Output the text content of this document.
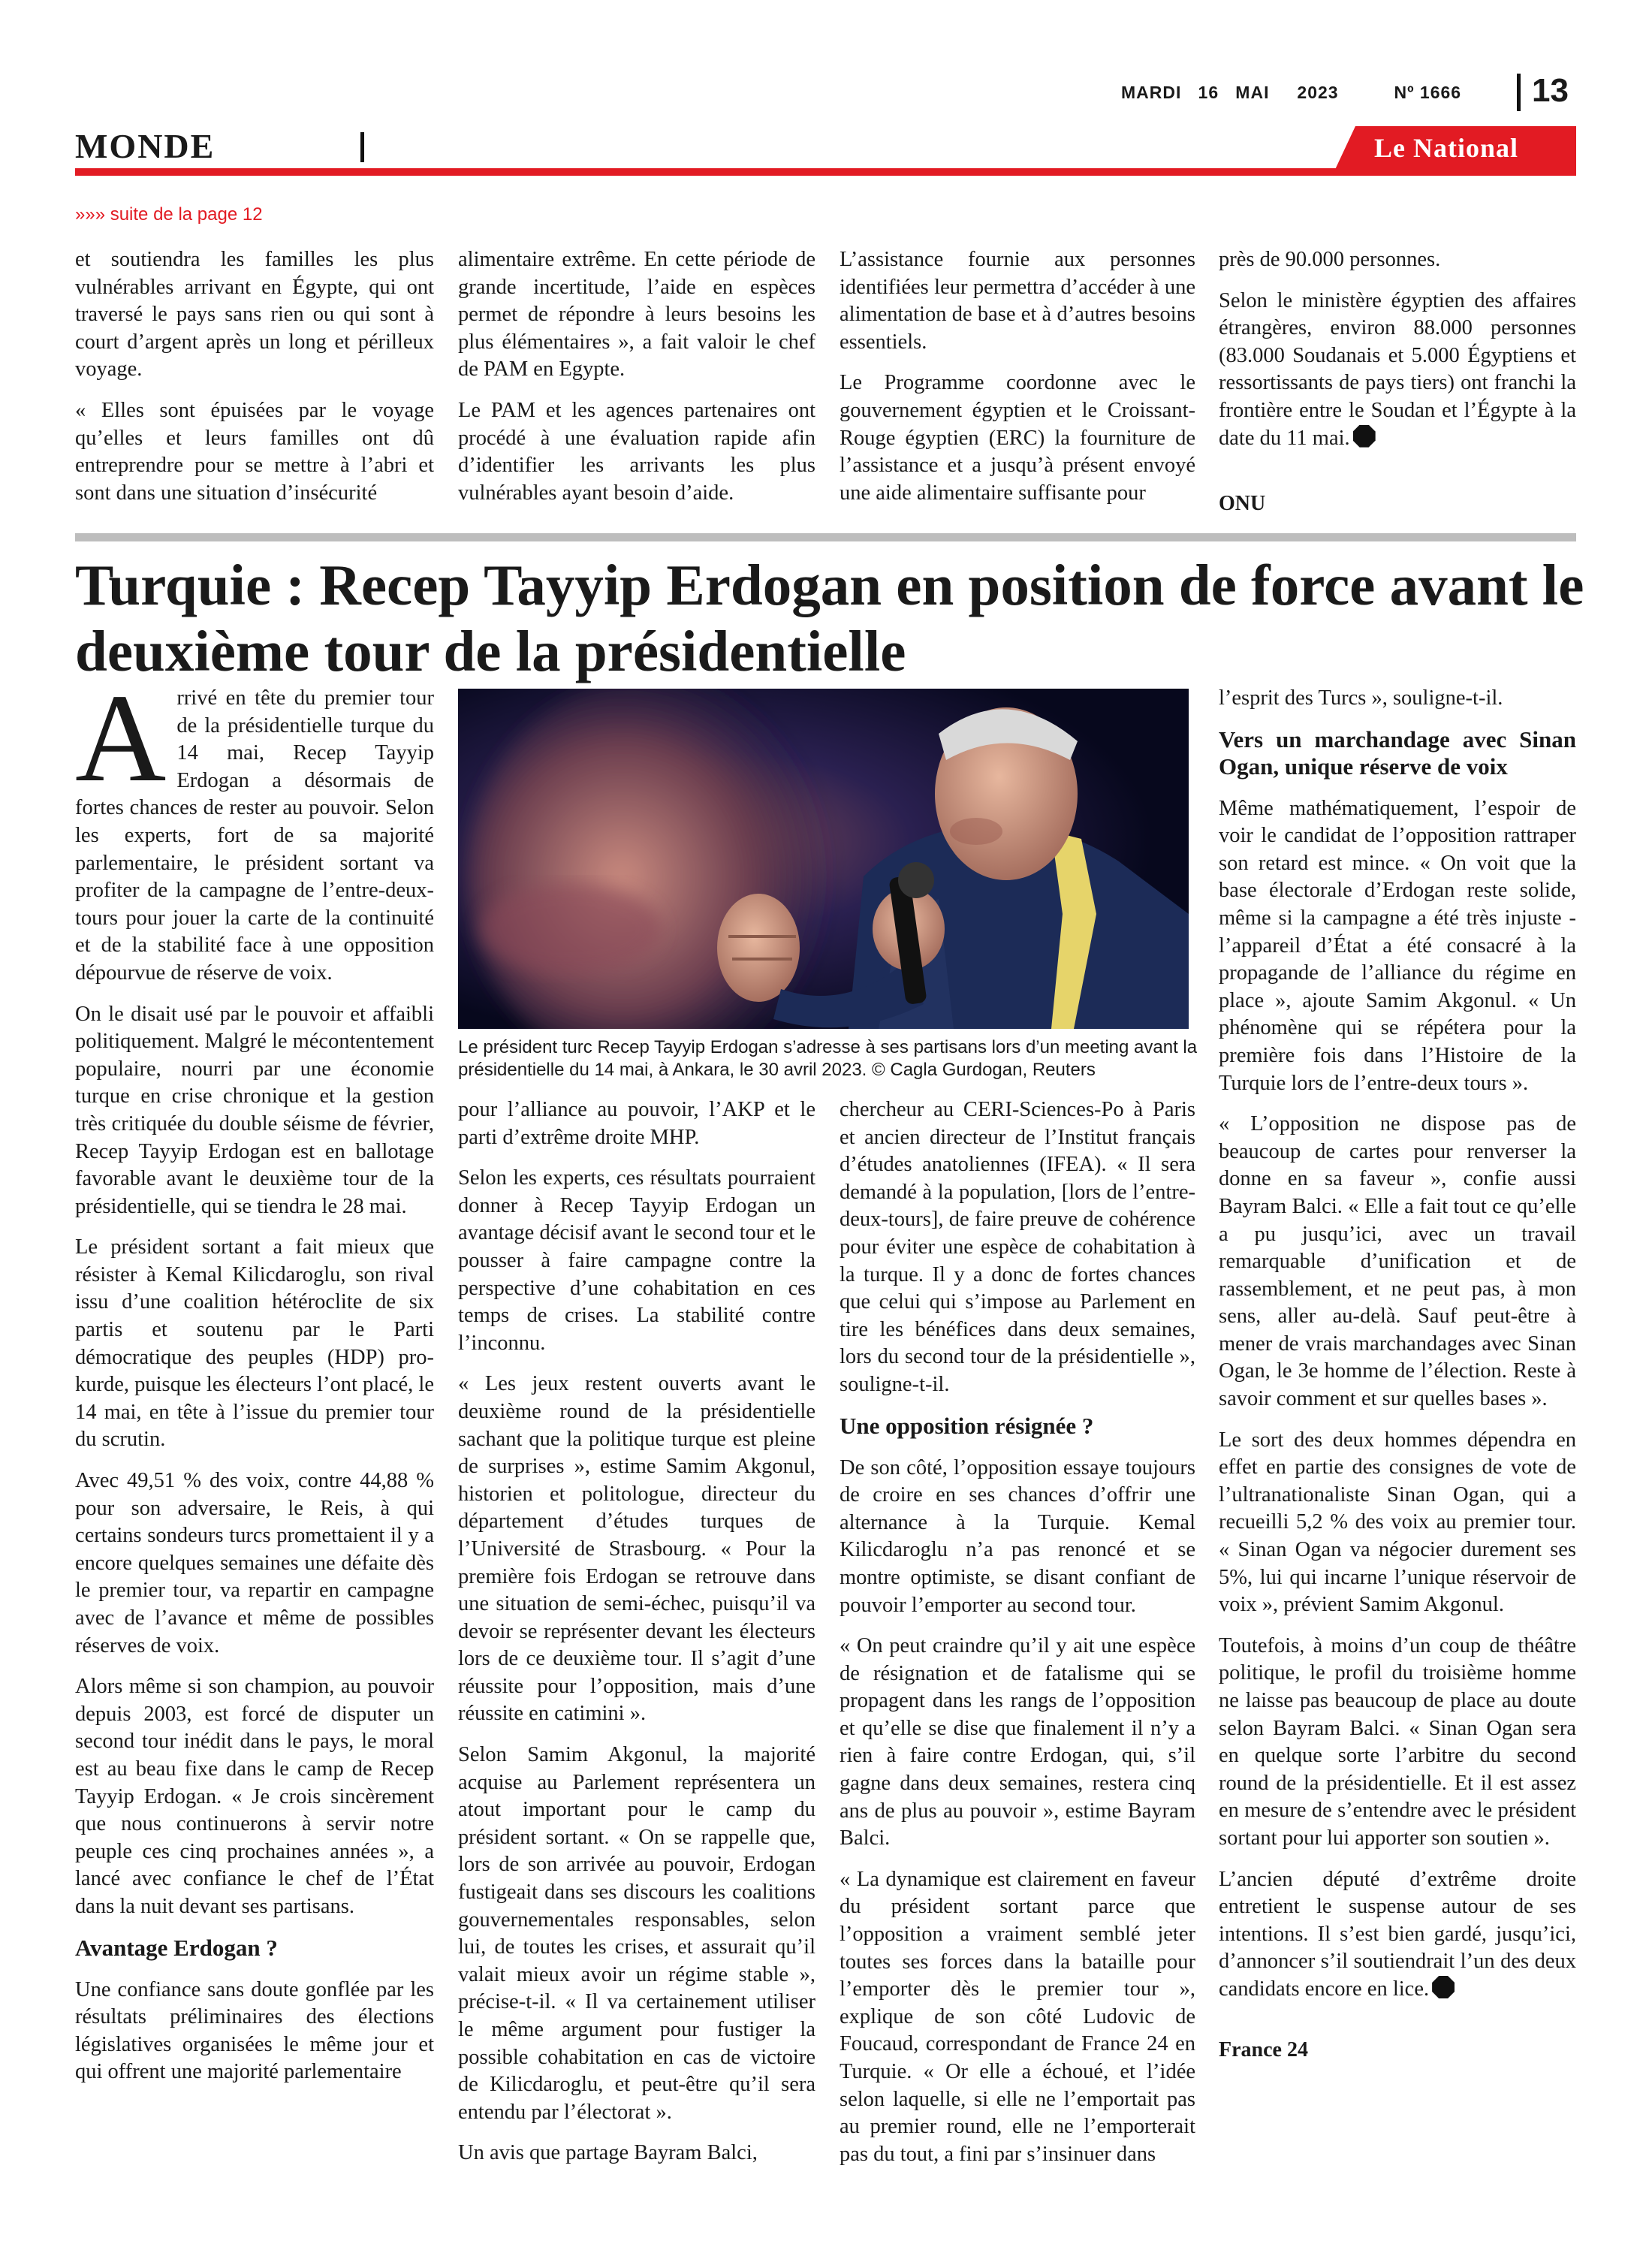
MARDI   16   MAI     2023	Nº 1666 13
MONDE	Le National
»»» suite de la page 12

et soutiendra les familles les plus vulnérables arrivant en Égypte, qui ont traversé le pays sans rien ou qui sont à court d’argent après un long et périlleux voyage.

« Elles sont épuisées par le voyage qu’elles et leurs familles ont dû entreprendre pour se mettre à l’abri et sont dans une situation d’insécurité

alimentaire extrême. En cette période de grande incertitude, l’aide en espèces permet de répondre à leurs besoins les plus élémentaires », a fait valoir le chef de PAM en Egypte.

Le PAM et les agences partenaires ont procédé à une évaluation rapide afin d’identifier les arrivants les plus vulnérables ayant besoin d’aide.

L’assistance fournie aux personnes identifiées leur permettra d’accéder à une alimentation de base et à d’autres besoins essentiels.

Le Programme coordonne avec le gouvernement égyptien et le Croissant-Rouge égyptien (ERC) la fourniture de l’assistance et a jusqu’à présent envoyé une aide alimentaire suffisante pour

près de 90.000 personnes.

Selon le ministère égyptien des affaires étrangères, environ 88.000 personnes (83.000 Soudanais et 5.000 Égyptiens et ressortissants de pays tiers) ont franchi la frontière entre le Soudan et l’Égypte à la date du 11 mai.

ONU
Turquie : Recep Tayyip Erdogan en position de force avant le deuxième tour de la présidentielle

Arrivé en tête du premier tour de la présidentielle turque du 14 mai, Recep Tayyip Erdogan a désormais de fortes chances de rester au pouvoir. Selon les experts, fort de sa majorité parlementaire, le président sortant va profiter de la campagne de l’entre-deux-tours pour jouer la carte de la continuité et de la stabilité face à une opposition dépourvue de réserve de voix.

On le disait usé par le pouvoir et affaibli politiquement. Malgré le mécontentement populaire, nourri par une économie turque en crise chronique et la gestion très critiquée du double séisme de février, Recep Tayyip Erdogan est en ballotage favorable avant le deuxième tour de la présidentielle, qui se tiendra le 28 mai.

Le président sortant a fait mieux que résister à Kemal Kilicdaroglu, son rival issu d’une coalition hétéroclite de six partis et soutenu par le Parti démocratique des peuples (HDP) pro-kurde, puisque les électeurs l’ont placé, le 14 mai, en tête à l’issue du premier tour du scrutin.

Avec 49,51 % des voix, contre 44,88 % pour son adversaire, le Reis, à qui certains sondeurs turcs promettaient il y a encore quelques semaines une défaite dès le premier tour, va repartir en campagne avec de l’avance et même de possibles réserves de voix.

Alors même si son champion, au pouvoir depuis 2003, est forcé de disputer un second tour inédit dans le pays, le moral est au beau fixe dans le camp de Recep Tayyip Erdogan. « Je crois sincèrement que nous continuerons à servir notre peuple ces cinq prochaines années », a lancé avec confiance le chef de l’État dans la nuit devant ses partisans.

Avantage Erdogan ?

Une confiance sans doute gonflée par les résultats préliminaires des élections législatives organisées le même jour et qui offrent une majorité parlementaire

Le président turc Recep Tayyip Erdogan s’adresse à ses partisans lors d’un meeting avant la présidentielle du 14 mai, à Ankara, le 30 avril 2023. © Cagla Gurdogan, Reuters

pour l’alliance au pouvoir, l’AKP et le parti d’extrême droite MHP.

Selon les experts, ces résultats pourraient donner à Recep Tayyip Erdogan un avantage décisif avant le second tour et le pousser à faire campagne contre la perspective d’une cohabitation en ces temps de crises. La stabilité contre l’inconnu.

« Les jeux restent ouverts avant le deuxième round de la présidentielle sachant que la politique turque est pleine de surprises », estime Samim Akgonul, historien et politologue, directeur du département d’études turques de l’Université de Strasbourg. « Pour la première fois Erdogan se retrouve dans une situation de semi-échec, puisqu’il va devoir se représenter devant les électeurs lors de ce deuxième tour. Il s’agit d’une réussite pour l’opposition, mais d’une réussite en catimini ».

Selon Samim Akgonul, la majorité acquise au Parlement représentera un atout important pour le camp du président sortant. « On se rappelle que, lors de son arrivée au pouvoir, Erdogan fustigeait dans ses discours les coalitions gouvernementales responsables, selon lui, de toutes les crises, et assurait qu’il valait mieux avoir un régime stable », précise-t-il. « Il va certainement utiliser le même argument pour fustiger la possible cohabitation en cas de victoire de Kilicdaroglu, et peut-être qu’il sera entendu par l’électorat ».

Un avis que partage Bayram Balci,

chercheur au CERI-Sciences-Po à Paris et ancien directeur de l’Institut français d’études anatoliennes (IFEA). « Il sera demandé à la population, [lors de l’entre-deux-tours], de faire preuve de cohérence pour éviter une espèce de cohabitation à la turque. Il y a donc de fortes chances que celui qui s’impose au Parlement en tire les bénéfices dans deux semaines, lors du second tour de la présidentielle », souligne-t-il.

Une opposition résignée ?

De son côté, l’opposition essaye toujours de croire en ses chances d’offrir une alternance à la Turquie. Kemal Kilicdaroglu n’a pas renoncé et se montre optimiste, se disant confiant de pouvoir l’emporter au second tour.

« On peut craindre qu’il y ait une espèce de résignation et de fatalisme qui se propagent dans les rangs de l’opposition et qu’elle se dise que finalement il n’y a rien à faire contre Erdogan, qui, s’il gagne dans deux semaines, restera cinq ans de plus au pouvoir », estime Bayram Balci.

« La dynamique est clairement en faveur du président sortant parce que l’opposition a vraiment semblé jeter toutes ses forces dans la bataille pour l’emporter dès le premier tour », explique de son côté Ludovic de Foucaud, correspondant de France 24 en Turquie. « Or elle a échoué, et l’idée selon laquelle, si elle ne l’emportait pas au premier round, elle ne l’emporterait pas du tout, a fini par s’insinuer dans

l’esprit des Turcs », souligne-t-il.

Vers un marchandage avec Sinan Ogan, unique réserve de voix

Même mathématiquement, l’espoir de voir le candidat de l’opposition rattraper son retard est mince. « On voit que la base électorale d’Erdogan reste solide, même si la campagne a été très injuste - l’appareil d’État a été consacré à la propagande de l’alliance du régime en place », ajoute Samim Akgonul. « Un phénomène qui se répétera pour la première fois dans l’Histoire de la Turquie lors de l’entre-deux tours ».

« L’opposition ne dispose pas de beaucoup de cartes pour renverser la donne en sa faveur », confie aussi Bayram Balci. « Elle a fait tout ce qu’elle a pu jusqu’ici, avec un travail remarquable d’unification et de rassemblement, et ne peut pas, à mon sens, aller au-delà. Sauf peut-être à mener de vrais marchandages avec Sinan Ogan, le 3e homme de l’élection. Reste à savoir comment et sur quelles bases ».

Le sort des deux hommes dépendra en effet en partie des consignes de vote de l’ultranationaliste Sinan Ogan, qui a recueilli 5,2 % des voix au premier tour. « Sinan Ogan va négocier durement ses 5%, lui qui incarne l’unique réservoir de voix », prévient Samim Akgonul.

Toutefois, à moins d’un coup de théâtre politique, le profil du troisième homme ne laisse pas beaucoup de place au doute selon Bayram Balci. « Sinan Ogan sera en quelque sorte l’arbitre du second round de la présidentielle. Et il est assez en mesure de s’entendre avec le président sortant pour lui apporter son soutien ».

L’ancien député d’extrême droite entretient le suspense autour de ses intentions. Il s’est bien gardé, jusqu’ici, d’annoncer s’il soutiendrait l’un des deux candidats encore en lice.

France 24
